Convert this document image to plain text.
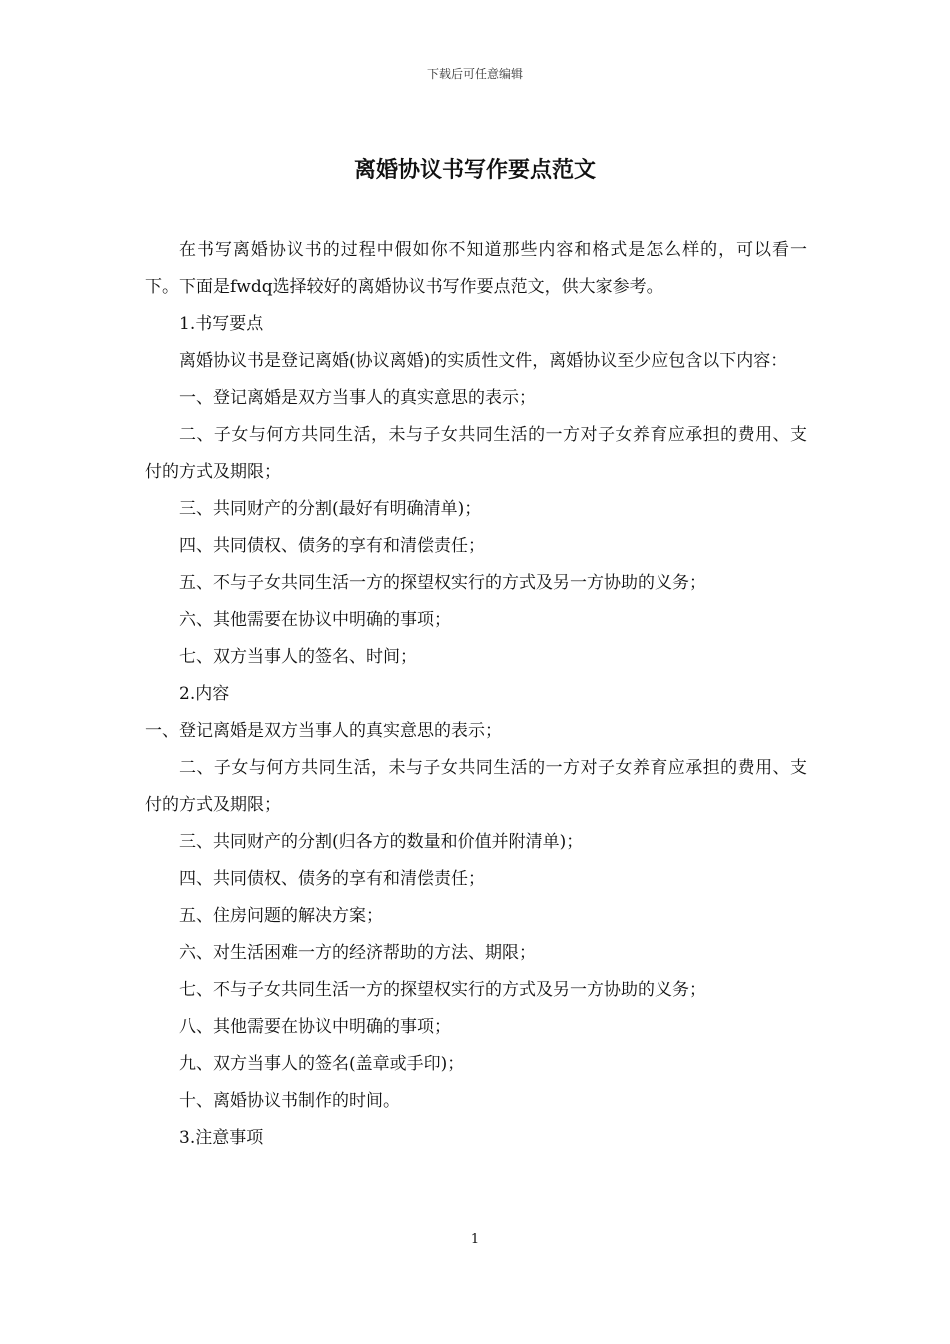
下载后可任意编辑
离婚协议书写作要点范文

在书写离婚协议书的过程中假如你不知道那些内容和格式是怎么样的，可以看一下。下面是fwdq选择较好的离婚协议书写作要点范文，供大家参考。

1.书写要点

离婚协议书是登记离婚(协议离婚)的实质性文件，离婚协议至少应包含以下内容：

一、登记离婚是双方当事人的真实意思的表示；

二、子女与何方共同生活，未与子女共同生活的一方对子女养育应承担的费用、支付的方式及期限；

三、共同财产的分割(最好有明确清单)；

四、共同债权、债务的享有和清偿责任；

五、不与子女共同生活一方的探望权实行的方式及另一方协助的义务；

六、其他需要在协议中明确的事项；

七、双方当事人的签名、时间；

2.内容

一、登记离婚是双方当事人的真实意思的表示；

二、子女与何方共同生活，未与子女共同生活的一方对子女养育应承担的费用、支付的方式及期限；

三、共同财产的分割(归各方的数量和价值并附清单)；

四、共同债权、债务的享有和清偿责任；

五、住房问题的解决方案；

六、对生活困难一方的经济帮助的方法、期限；

七、不与子女共同生活一方的探望权实行的方式及另一方协助的义务；

八、其他需要在协议中明确的事项；

九、双方当事人的签名(盖章或手印)；

十、离婚协议书制作的时间。

3.注意事项

1
